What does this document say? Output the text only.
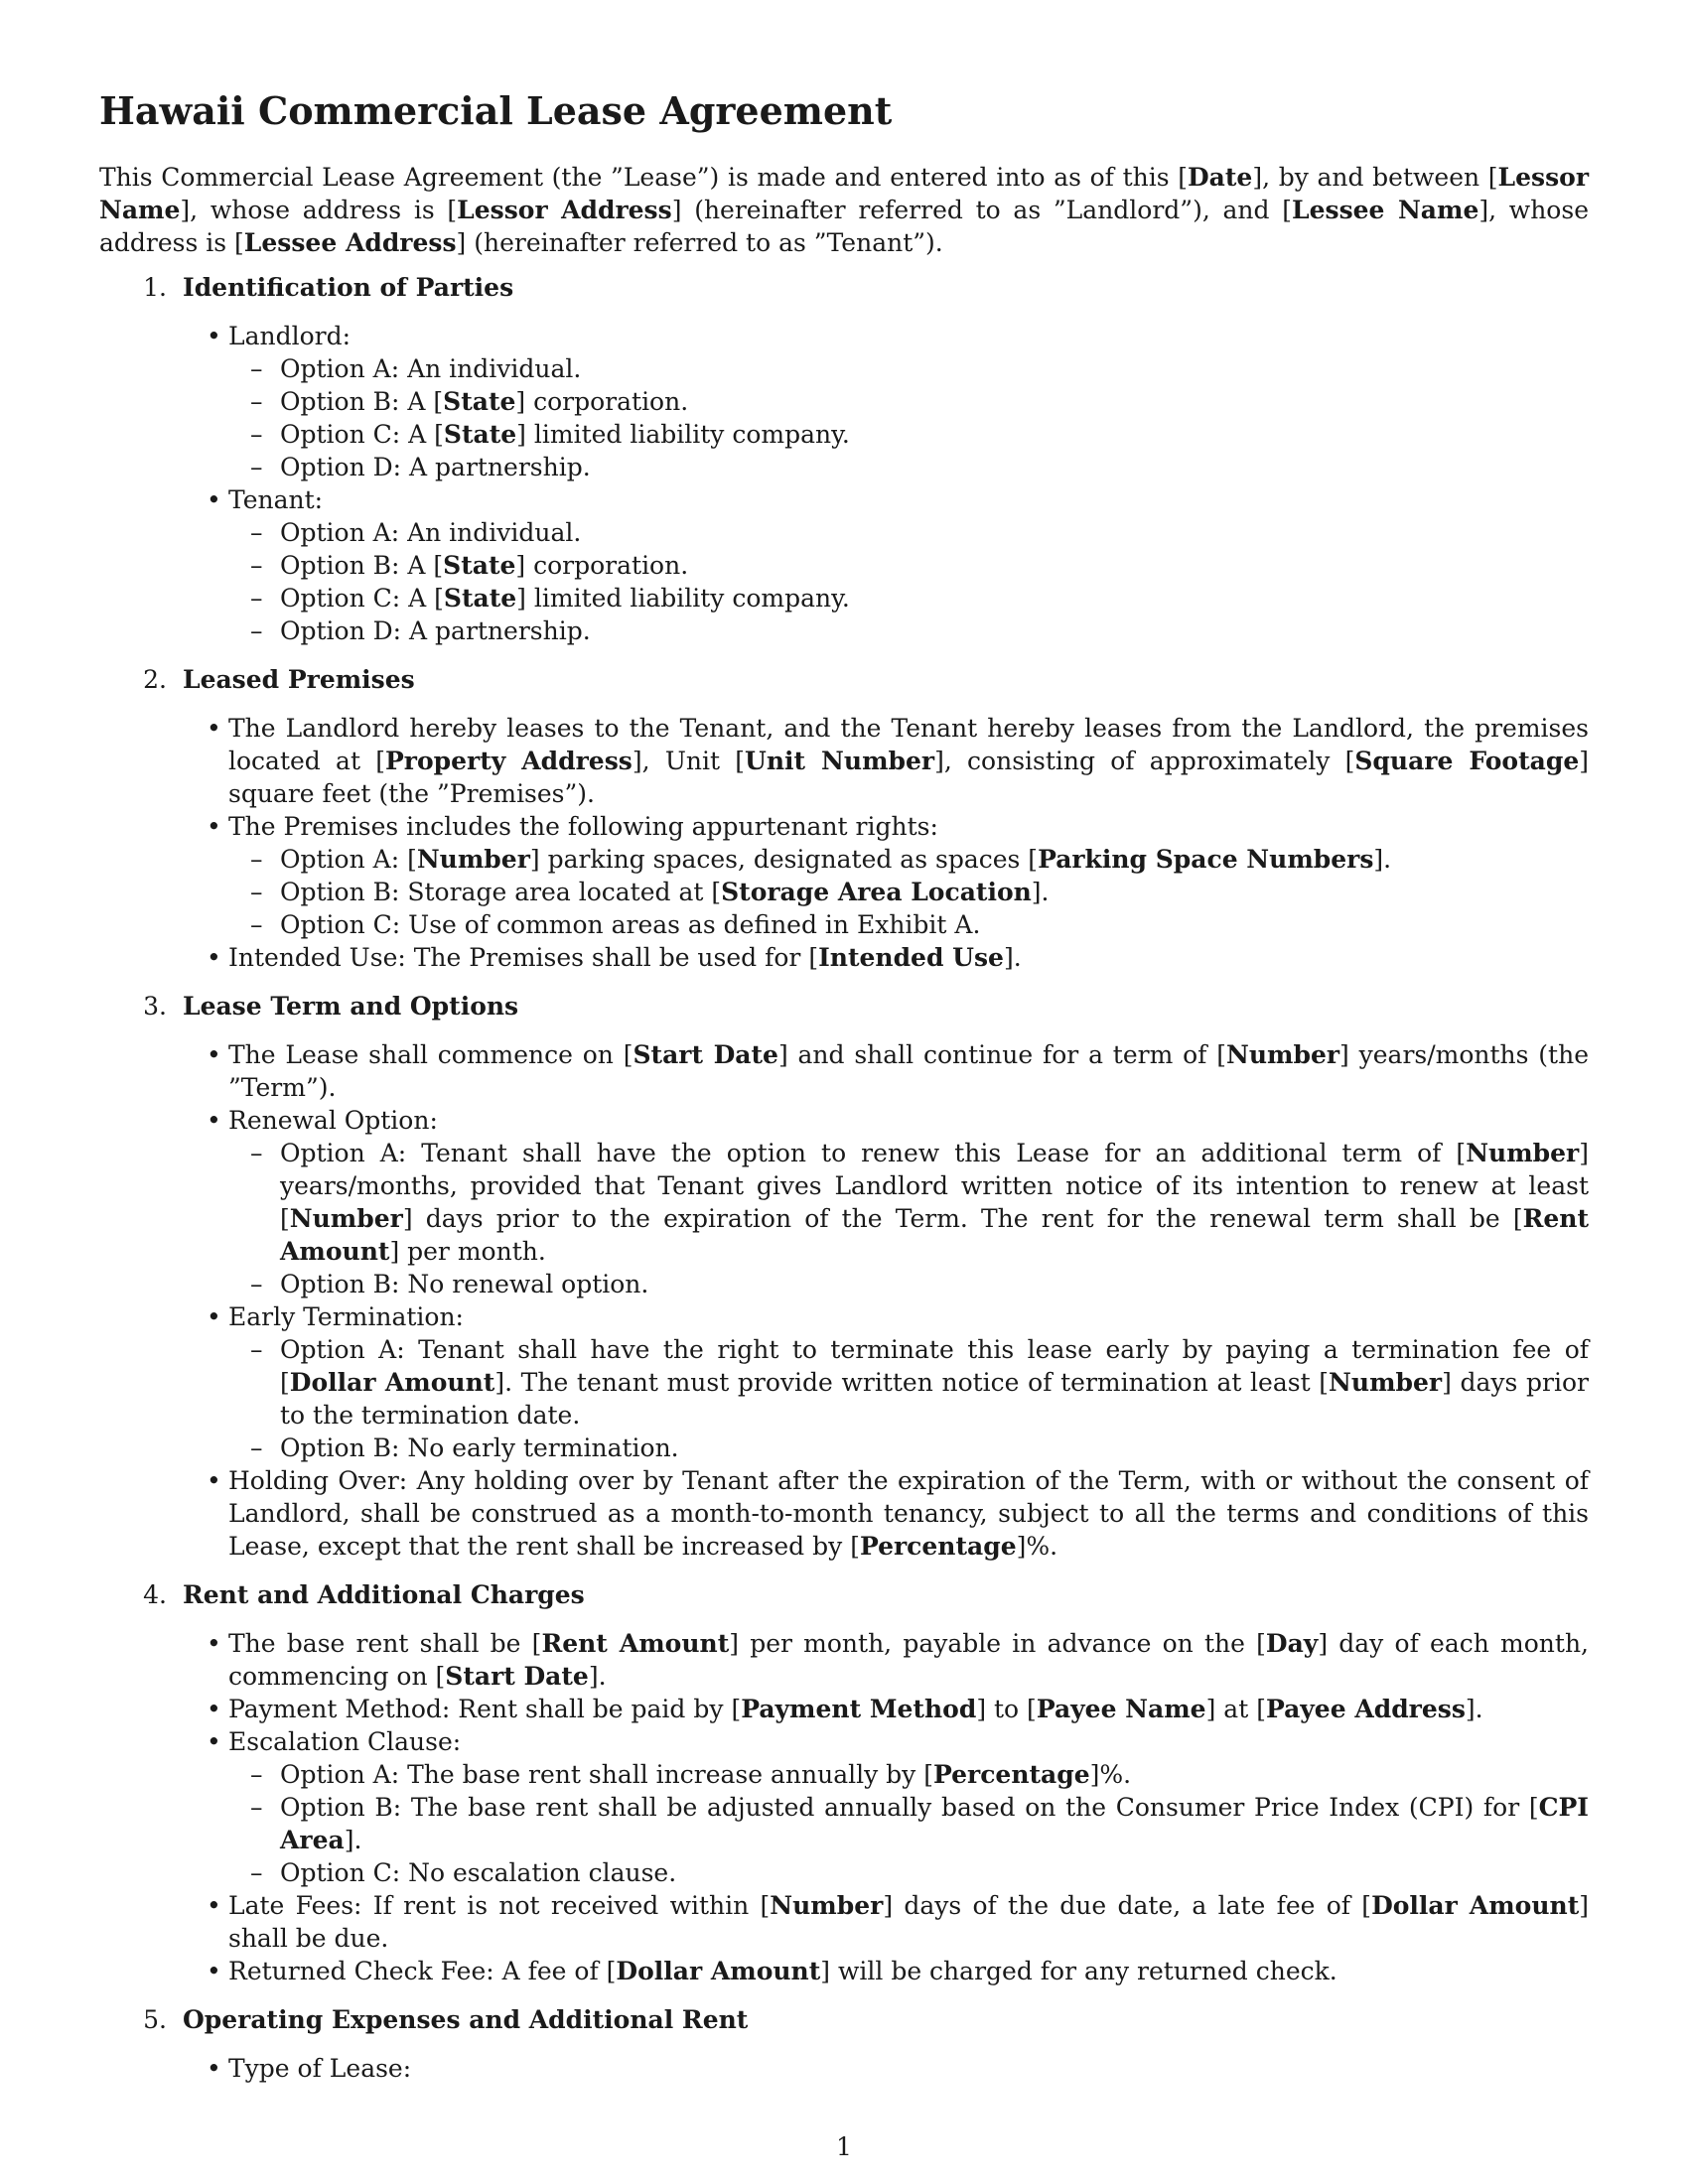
Hawaii Commercial Lease Agreement

This Commercial Lease Agreement (the ”Lease”) is made and entered into as of this [Date], by and between [Lessor Name], whose address is [Lessor Address] (hereinafter referred to as ”Landlord”), and [Lessee Name], whose address is [Lessee Address] (hereinafter referred to as ”Tenant”).

1. Identification of Parties
• Landlord:
– Option A: An individual.
– Option B: A [State] corporation.
– Option C: A [State] limited liability company.
– Option D: A partnership.
• Tenant:
– Option A: An individual.
– Option B: A [State] corporation.
– Option C: A [State] limited liability company.
– Option D: A partnership.
2. Leased Premises
• The Landlord hereby leases to the Tenant, and the Tenant hereby leases from the Landlord, the premises located at [Property Address], Unit [Unit Number], consisting of approximately [Square Footage] square feet (the ”Premises”).
• The Premises includes the following appurtenant rights:
– Option A: [Number] parking spaces, designated as spaces [Parking Space Numbers].
– Option B: Storage area located at [Storage Area Location].
– Option C: Use of common areas as defined in Exhibit A.
• Intended Use: The Premises shall be used for [Intended Use].
3. Lease Term and Options
• The Lease shall commence on [Start Date] and shall continue for a term of [Number] years/months (the ”Term”).
• Renewal Option:
– Option A: Tenant shall have the option to renew this Lease for an additional term of [Number] years/months, provided that Tenant gives Landlord written notice of its intention to renew at least [Number] days prior to the expiration of the Term. The rent for the renewal term shall be [Rent Amount] per month.
– Option B: No renewal option.
• Early Termination:
– Option A: Tenant shall have the right to terminate this lease early by paying a termination fee of [Dollar Amount]. The tenant must provide written notice of termination at least [Number] days prior to the termination date.
– Option B: No early termination.
• Holding Over: Any holding over by Tenant after the expiration of the Term, with or without the consent of Landlord, shall be construed as a month-to-month tenancy, subject to all the terms and conditions of this Lease, except that the rent shall be increased by [Percentage]%.
4. Rent and Additional Charges
• The base rent shall be [Rent Amount] per month, payable in advance on the [Day] day of each month, commencing on [Start Date].
• Payment Method: Rent shall be paid by [Payment Method] to [Payee Name] at [Payee Address].
• Escalation Clause:
– Option A: The base rent shall increase annually by [Percentage]%.
– Option B: The base rent shall be adjusted annually based on the Consumer Price Index (CPI) for [CPI Area].
– Option C: No escalation clause.
• Late Fees: If rent is not received within [Number] days of the due date, a late fee of [Dollar Amount] shall be due.
• Returned Check Fee: A fee of [Dollar Amount] will be charged for any returned check.
5. Operating Expenses and Additional Rent
• Type of Lease:
1
